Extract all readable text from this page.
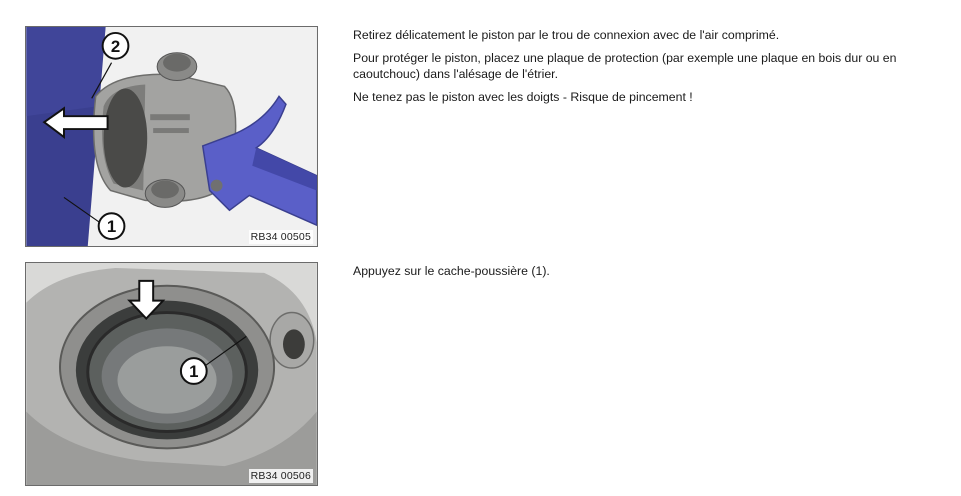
2
1
RB34 00505

Retirez délicatement le piston par le trou de connexion avec de l'air comprimé.

Pour protéger le piston, placez une plaque de protection (par exemple une plaque en bois dur ou en caoutchouc) dans l'alésage de l'étrier.

Ne tenez pas le piston avec les doigts - Risque de pincement !

1
RB34 00506

Appuyez sur le cache-poussière (1).
